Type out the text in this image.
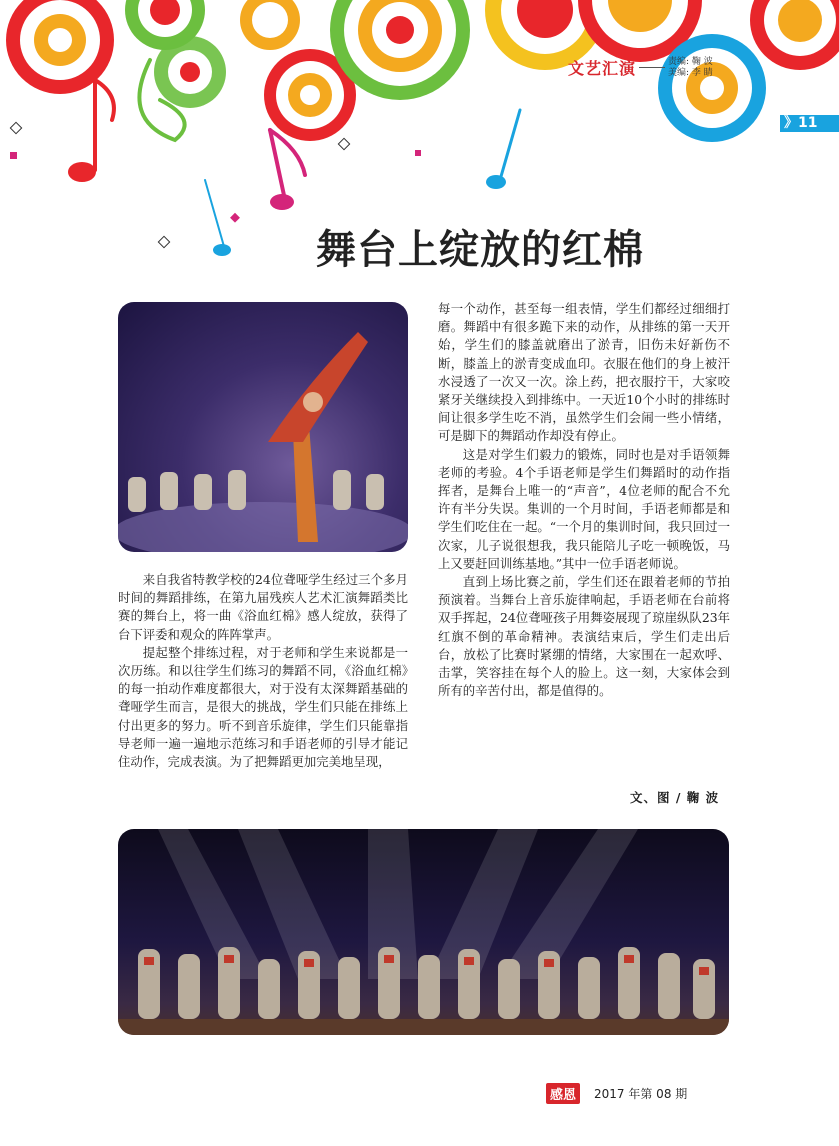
文艺汇演	责编: 鞠 波
美编: 李 睛
》11
舞台上绽放的红棉

来自我省特教学校的24位聋哑学生经过三个多月时间的舞蹈排练，在第九届残疾人艺术汇演舞蹈类比赛的舞台上，将一曲《浴血红棉》感人绽放，获得了台下评委和观众的阵阵掌声。

提起整个排练过程，对于老师和学生来说都是一次历练。和以往学生们练习的舞蹈不同，《浴血红棉》的每一拍动作难度都很大，对于没有太深舞蹈基础的聋哑学生而言，是很大的挑战，学生们只能在排练上付出更多的努力。听不到音乐旋律，学生们只能靠指导老师一遍一遍地示范练习和手语老师的引导才能记住动作，完成表演。为了把舞蹈更加完美地呈现，

每一个动作，甚至每一组表情，学生们都经过细细打磨。舞蹈中有很多跪下来的动作，从排练的第一天开始，学生们的膝盖就磨出了淤青，旧伤未好新伤不断，膝盖上的淤青变成血印。衣服在他们的身上被汗水浸透了一次又一次。涂上药，把衣服拧干，大家咬紧牙关继续投入到排练中。一天近10个小时的排练时间让很多学生吃不消，虽然学生们会闹一些小情绪，可是脚下的舞蹈动作却没有停止。

这是对学生们毅力的锻炼，同时也是对手语领舞老师的考验。4个手语老师是学生们舞蹈时的动作指挥者，是舞台上唯一的“声音”，4位老师的配合不允许有半分失误。集训的一个月时间，手语老师都是和学生们吃住在一起。“一个月的集训时间，我只回过一次家，儿子说很想我，我只能陪儿子吃一顿晚饭，马上又要赶回训练基地。”其中一位手语老师说。

直到上场比赛之前，学生们还在跟着老师的节拍预演着。当舞台上音乐旋律响起，手语老师在台前将双手挥起，24位聋哑孩子用舞姿展现了琼崖纵队23年红旗不倒的革命精神。表演结束后，学生们走出后台，放松了比赛时紧绷的情绪，大家围在一起欢呼、击掌，笑容挂在每个人的脸上。这一刻，大家体会到所有的辛苦付出，都是值得的。

文、图 / 鞠 波
感恩	2017 年第 08 期
